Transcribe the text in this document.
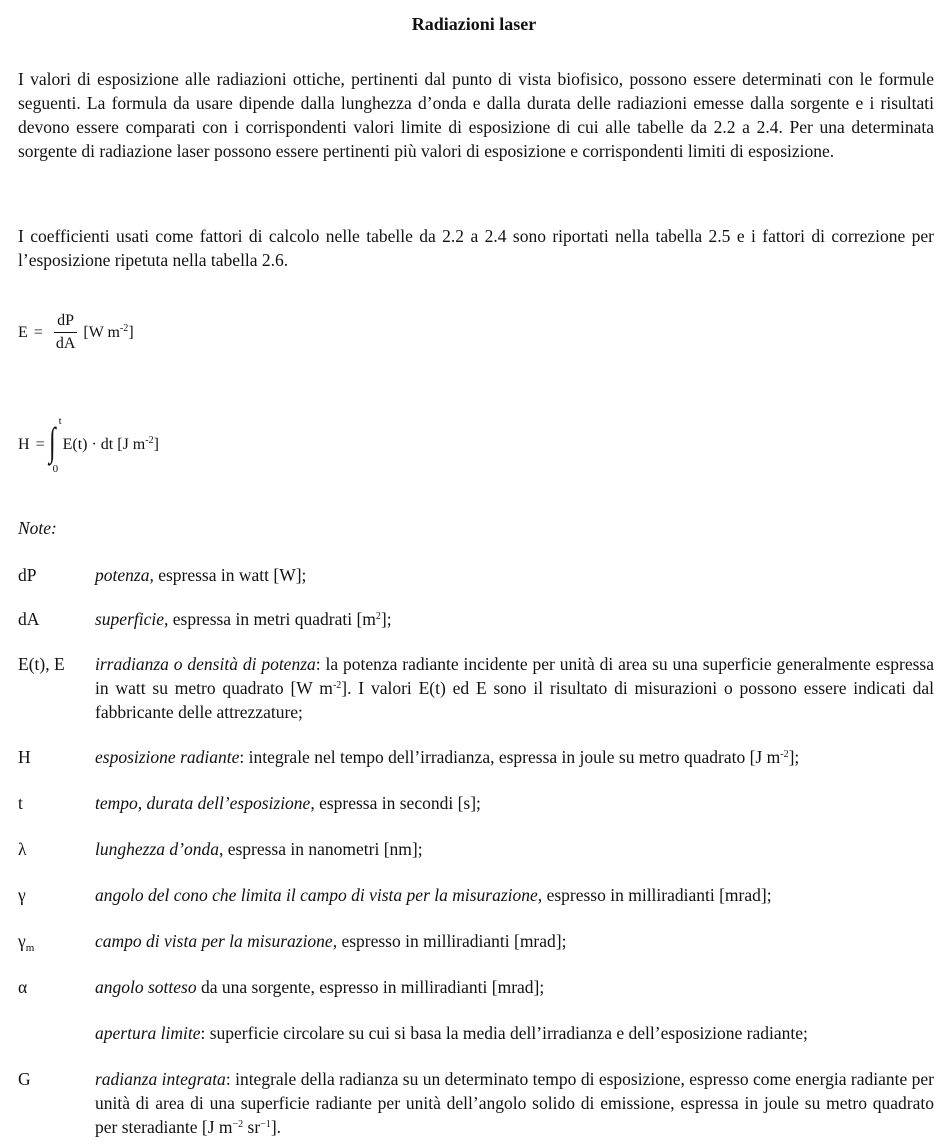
Radiazioni laser

I valori di esposizione alle radiazioni ottiche, pertinenti dal punto di vista biofisico, possono essere determinati con le formule seguenti. La formula da usare dipende dalla lunghezza d’onda e dalla durata delle radiazioni emesse dalla sorgente e i risultati devono essere comparati con i corrispondenti valori limite di esposizione di cui alle tabelle da 2.2 a 2.4. Per una determinata sorgente di radiazione laser possono essere pertinenti più valori di esposizione e corrispondenti limiti di esposizione.

I coefficienti usati come fattori di calcolo nelle tabelle da 2.2 a 2.4 sono riportati nella tabella 2.5 e i fattori di correzione per l’esposizione ripetuta nella tabella 2.6.

$E = \frac{dP}{dA} [W$ $m^{-2}$]
H =
t
∫
0
E(t) · dt [J $m^{-2}$]
Note:
dP	potenza, espressa in watt [W];
dA	superficie, espressa in metri quadrati $[m^2]$;
E(t), E	irradianza o densità di potenza: la potenza radiante incidente per unità di area su una superficie generalmente espressa in watt su metro quadrato [W $m^{-2}$]. I valori E(t) ed E sono il risultato di misurazioni o possono essere indicati dal fabbricante delle attrezzature;
H	esposizione radiante: integrale nel tempo dell’irradianza, espressa in joule su metro quadrato [J $m^{-2}$];
t	tempo, durata dell’esposizione, espressa in secondi [s];
λ	lunghezza d’onda, espressa in nanometri [nm];
γ	angolo del cono che limita il campo di vista per la misurazione, espresso in milliradianti [mrad];
$\gamma_m$	campo di vista per la misurazione, espresso in milliradianti [mrad];
α	angolo sotteso da una sorgente, espresso in milliradianti [mrad];
apertura limite: superficie circolare su cui si basa la media dell’irradianza e dell’esposizione radiante;
G	radianza integrata: integrale della radianza su un determinato tempo di esposizione, espresso come energia radiante per unità di area di una superficie radiante per unità dell’angolo solido di emissione, espressa in joule su metro quadrato per steradiante [J $m^{-2}$ $sr^{-1}$].
